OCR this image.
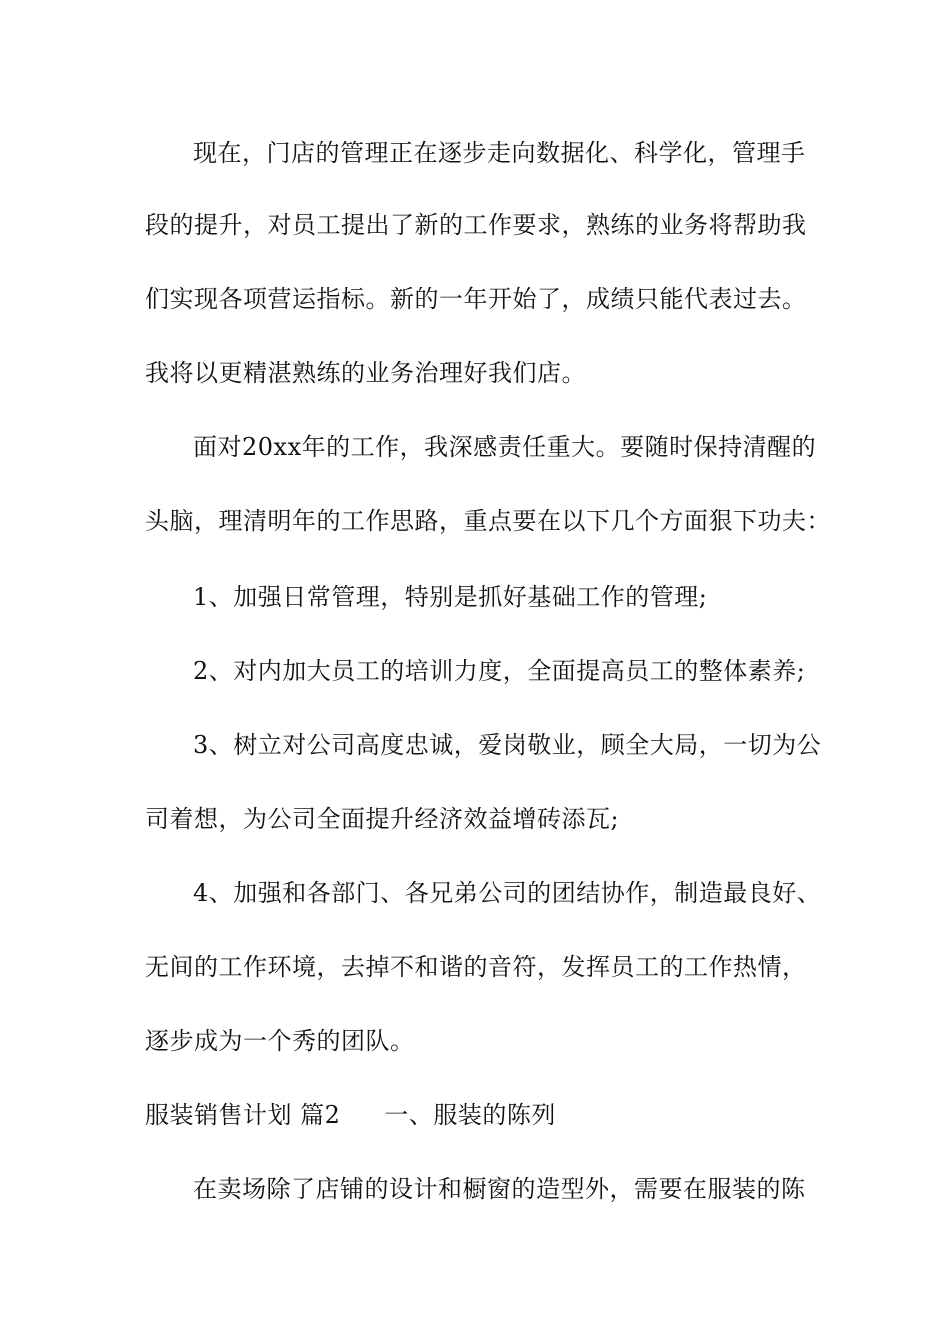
现在，门店的管理正在逐步走向数据化、科学化，管理手
段的提升，对员工提出了新的工作要求，熟练的业务将帮助我
们实现各项营运指标。新的一年开始了，成绩只能代表过去。
我将以更精湛熟练的业务治理好我们店。
面对20xx年的工作，我深感责任重大。要随时保持清醒的
头脑，理清明年的工作思路，重点要在以下几个方面狠下功夫：
1、加强日常管理，特别是抓好基础工作的管理;
2、对内加大员工的培训力度，全面提高员工的整体素养;
3、树立对公司高度忠诚，爱岗敬业，顾全大局，一切为公
司着想，为公司全面提升经济效益增砖添瓦;
4、加强和各部门、各兄弟公司的团结协作，制造最良好、
无间的工作环境，去掉不和谐的音符，发挥员工的工作热情，
逐步成为一个秀的团队。
服装销售计划 篇2 一、服装的陈列
在卖场除了店铺的设计和橱窗的造型外，需要在服装的陈
